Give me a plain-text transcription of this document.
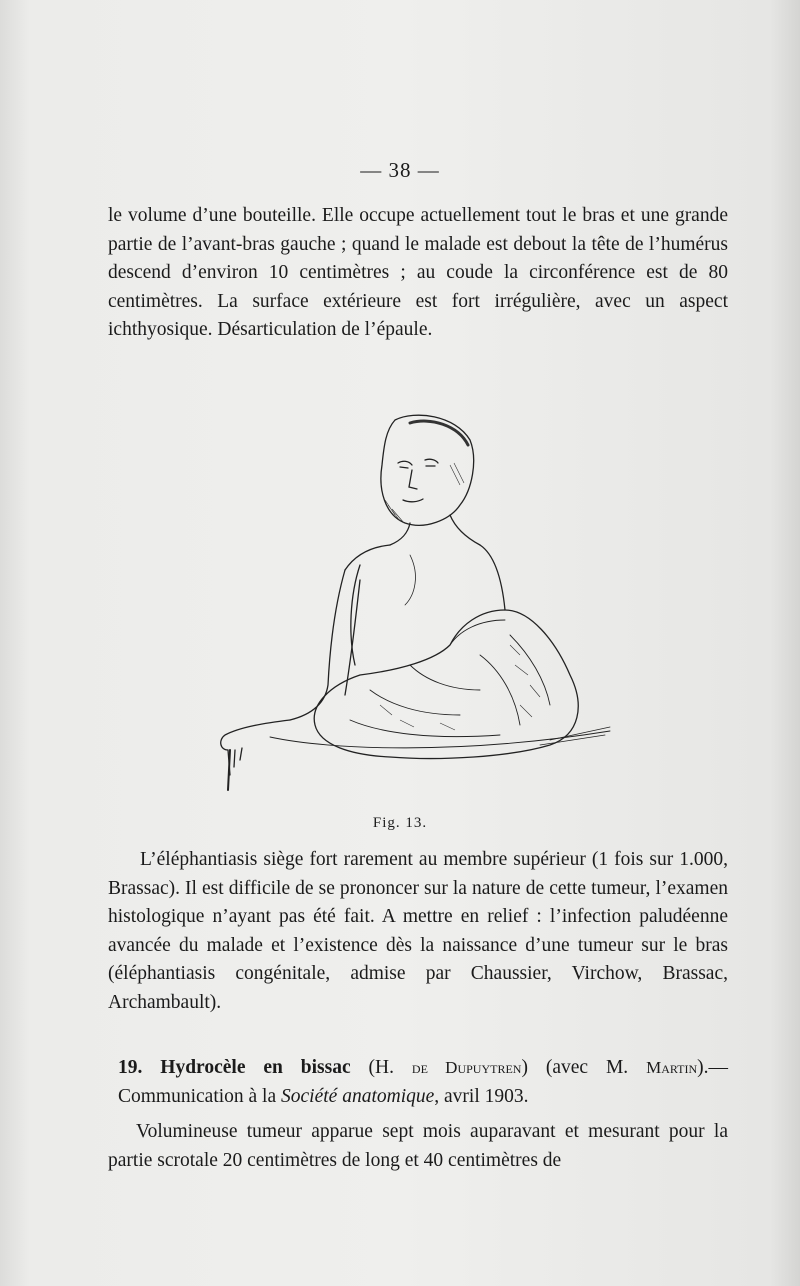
— 38 —

le volume d’une bouteille. Elle occupe actuellement tout le bras et une grande partie de l’avant-bras gauche ; quand le malade est debout la tête de l’humérus descend d’environ 10 centimètres ; au coude la circonférence est de 80 centimètres. La surface extérieure est fort irrégulière, avec un aspect ichthyosique. Désarticulation de l’épaule.

Fig. 13.

L’éléphantiasis siège fort rarement au membre supérieur (1 fois sur 1.000, Brassac). Il est difficile de se prononcer sur la nature de cette tumeur, l’examen histologique n’ayant pas été fait. A mettre en relief : l’infection paludéenne avancée du malade et l’existence dès la naissance d’une tumeur sur le bras (éléphantiasis congénitale, admise par Chaussier, Virchow, Brassac, Archambault).

19. Hydrocèle en bissac (H. de Dupuytren) (avec M. Martin).— Communication à la Société anatomique, avril 1903.

Volumineuse tumeur apparue sept mois auparavant et mesurant pour la partie scrotale 20 centimètres de long et 40 centimètres de
